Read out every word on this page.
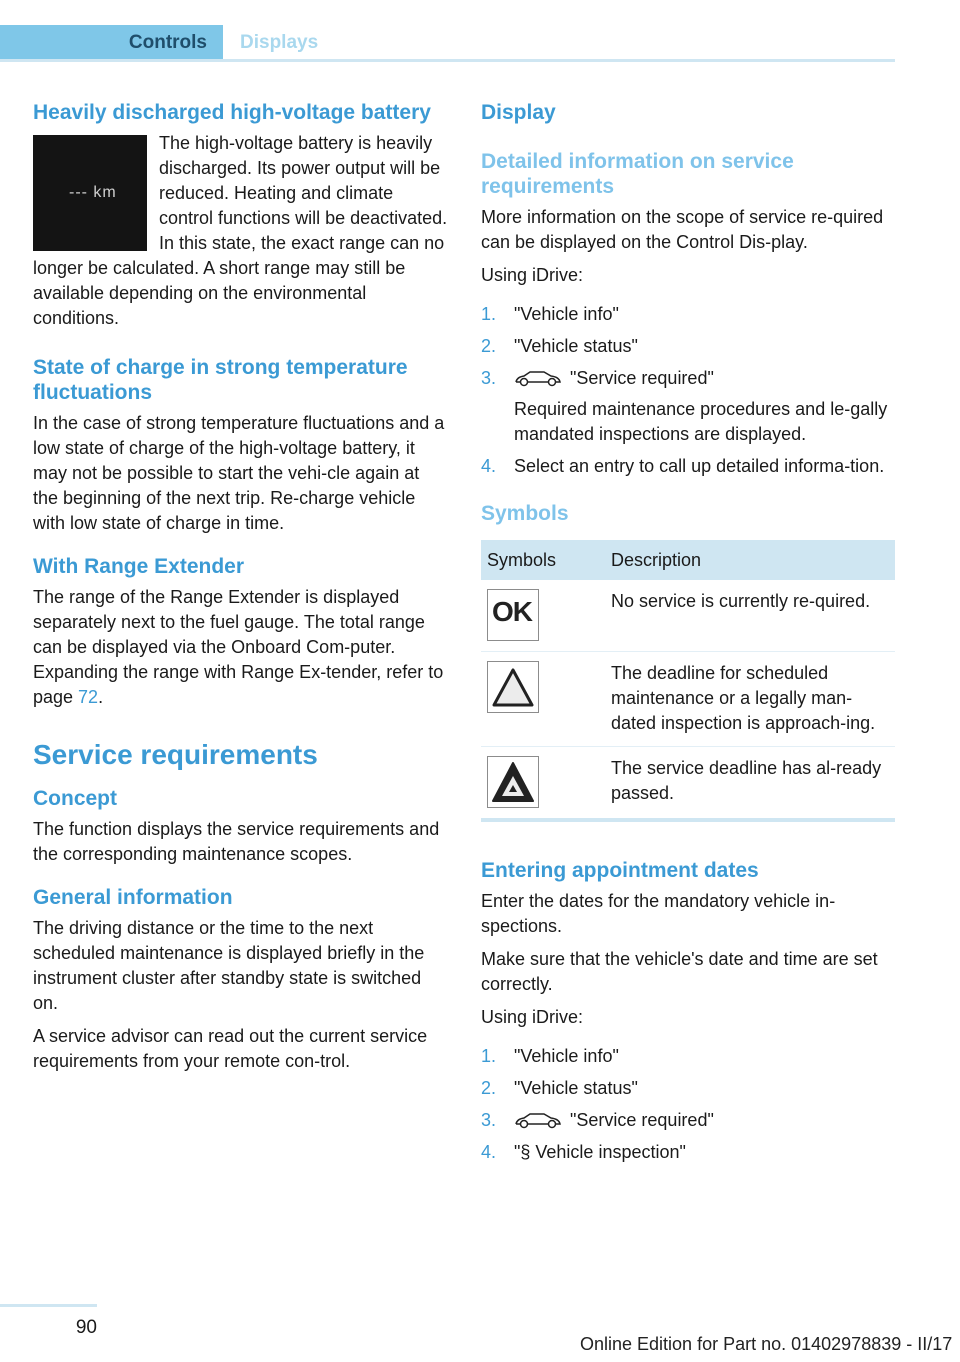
Controls	Displays
Heavily discharged high-voltage battery
--- km

The high-voltage battery is heavily discharged. Its power output will be reduced. Heating and climate control functions will be deactivated. In this state, the exact range can no longer be calculated. A short range may still be available depending on the environmental conditions.

State of charge in strong temperature fluctuations

In the case of strong temperature fluctuations and a low state of charge of the high-voltage battery, it may not be possible to start the vehi‐cle again at the beginning of the next trip. Re‐charge vehicle with low state of charge in time.

With Range Extender

The range of the Range Extender is displayed separately next to the fuel gauge. The total range can be displayed via the Onboard Com‐puter. Expanding the range with Range Ex‐tender, refer to page 72.

Service requirements
Concept

The function displays the service requirements and the corresponding maintenance scopes.

General information

The driving distance or the time to the next scheduled maintenance is displayed briefly in the instrument cluster after standby state is switched on.

A service advisor can read out the current service requirements from your remote con‐trol.

Display
Detailed information on service requirements

More information on the scope of service re‐quired can be displayed on the Control Dis‐play.

Using iDrive:

1. "Vehicle info"
2. "Vehicle status"
3.	"Service required"
Required maintenance procedures and le‐gally mandated inspections are displayed.
4. Select an entry to call up detailed informa‐tion.
Symbols
Symbols	Description

OK	No service is currently re‐quired.

	The deadline for scheduled maintenance or a legally man‐dated inspection is approach‐ing.

	The service deadline has al‐ready passed.
Entering appointment dates

Enter the dates for the mandatory vehicle in‐spections.

Make sure that the vehicle's date and time are set correctly.

Using iDrive:

1. "Vehicle info"
2. "Vehicle status"
3.	"Service required"
4. "§ Vehicle inspection"
90
Online Edition for Part no. 01402978839 - II/17
